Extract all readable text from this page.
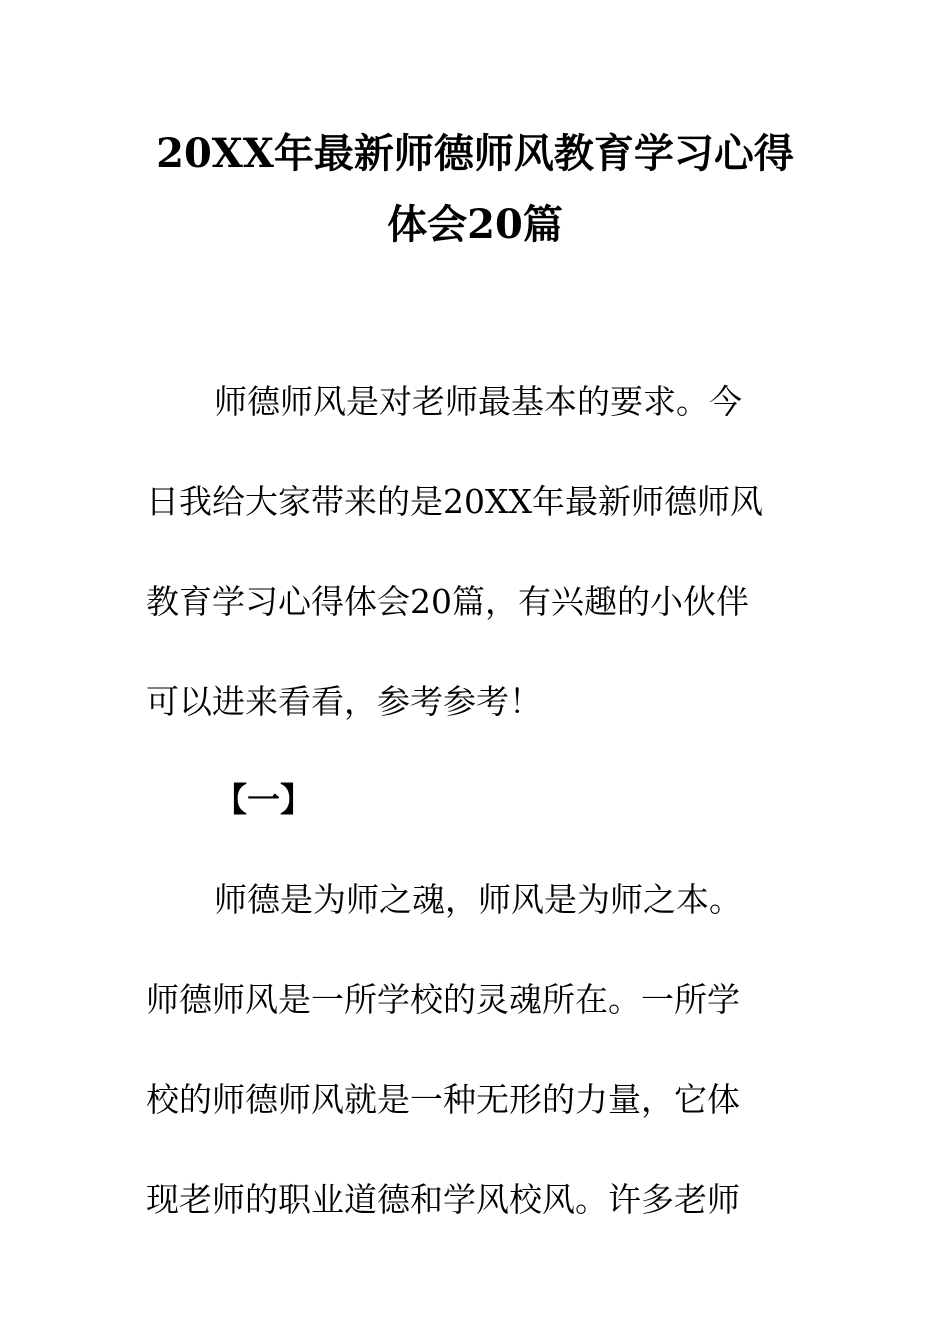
20XX年最新师德师风教育学习心得
体会20篇
师德师风是对老师最基本的要求。今
日我给大家带来的是20XX年最新师德师风
教育学习心得体会20篇，有兴趣的小伙伴
可以进来看看，参考参考！
【一】
师德是为师之魂，师风是为师之本。
师德师风是一所学校的灵魂所在。一所学
校的师德师风就是一种无形的力量，它体
现老师的职业道德和学风校风。许多老师
